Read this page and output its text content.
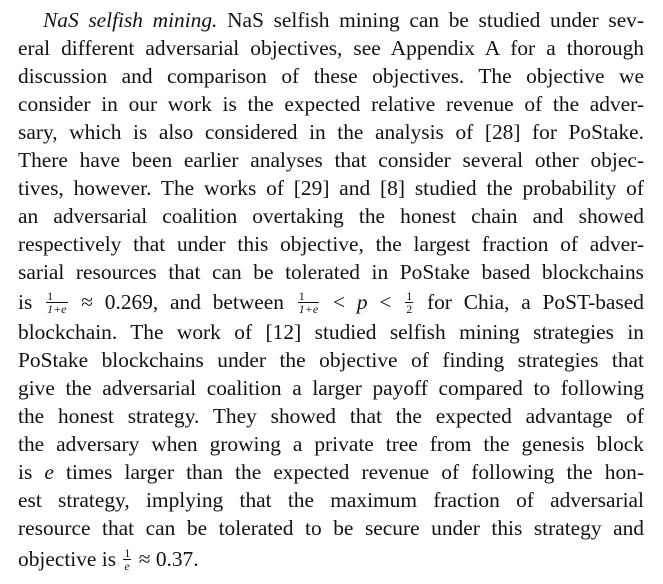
NaS selfish mining. NaS selfish mining can be studied under sev-
eral different adversarial objectives, see Appendix A for a thorough
discussion and comparison of these objectives. The objective we
consider in our work is the expected relative revenue of the adver-
sary, which is also considered in the analysis of [28] for PoStake.
There have been earlier analyses that consider several other objec-
tives, however. The works of [29] and [8] studied the probability of
an adversarial coalition overtaking the honest chain and showed
respectively that under this objective, the largest fraction of adver-
sarial resources that can be tolerated in PoStake based blockchains
is $\frac{1}{1+e} \approx 0.269$, and between $\frac{1}{1+e} < p < \frac{1}{2}$ for Chia, a PoST-based
blockchain. The work of [12] studied selfish mining strategies in
PoStake blockchains under the objective of finding strategies that
give the adversarial coalition a larger payoff compared to following
the honest strategy. They showed that the expected advantage of
the adversary when growing a private tree from the genesis block
is e times larger than the expected revenue of following the hon-
est strategy, implying that the maximum fraction of adversarial
resource that can be tolerated to be secure under this strategy and
objective is $\frac{1}{e} \approx 0.37$.
